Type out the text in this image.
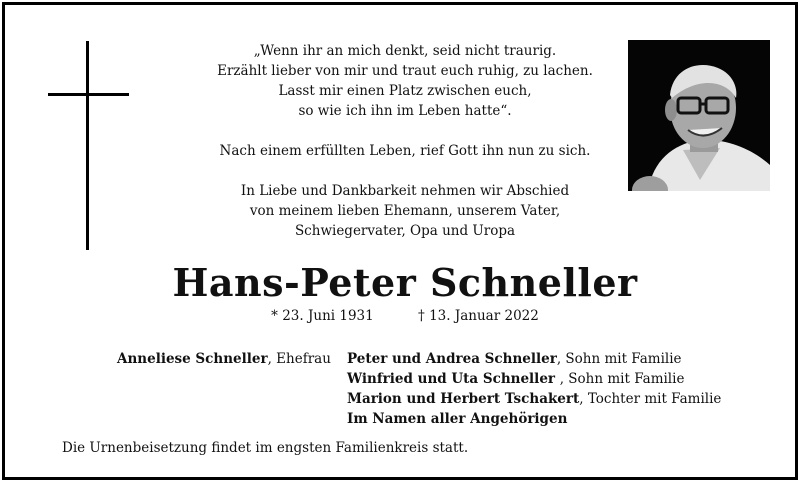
„Wenn ihr an mich denkt, seid nicht traurig.

Erzählt lieber von mir und traut euch ruhig, zu lachen.

Lasst mir einen Platz zwischen euch,

so wie ich ihn im Leben hatte“.

Nach einem erfüllten Leben, rief Gott ihn nun zu sich.

In Liebe und Dankbarkeit nehmen wir Abschied

von meinem lieben Ehemann, unserem Vater,

Schwiegervater, Opa und Uropa

Hans-Peter Schneller
* 23. Juni 1931	† 13. Januar 2022
Anneliese Schneller, Ehefrau Peter und Andrea Schneller, Sohn mit Familie
Winfried und Uta Schneller , Sohn mit Familie
Marion und Herbert Tschakert, Tochter mit Familie
Im Namen aller Angehörigen
Die Urnenbeisetzung findet im engsten Familienkreis statt.
